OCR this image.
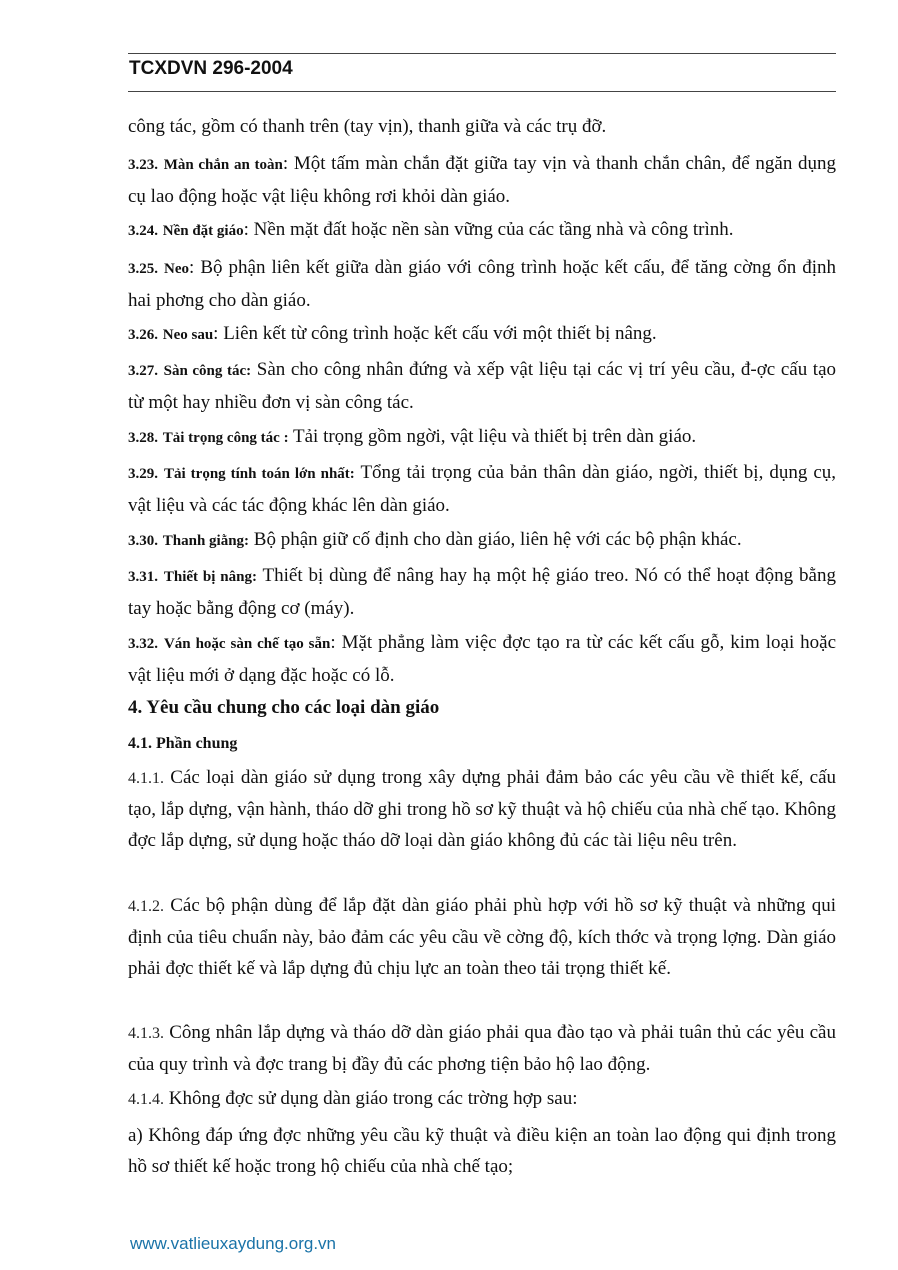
TCXDVN 296-2004

công tác, gồm có thanh trên (tay vịn), thanh giữa và các trụ đỡ.

3.23. Màn chắn an toàn: Một tấm màn chắn đặt giữa tay vịn và thanh chắn chân, để ngăn dụng cụ lao động hoặc vật liệu không rơi khỏi dàn giáo.

3.24. Nền đặt giáo: Nền mặt đất hoặc nền sàn vững của các tầng nhà và công trình.

3.25. Neo: Bộ phận liên kết giữa dàn giáo với công trình hoặc kết cấu, để tăng cờng ổn định hai phơng cho dàn giáo.

3.26. Neo sau: Liên kết từ công trình hoặc kết cấu với một thiết bị nâng.

3.27. Sàn công tác: Sàn cho công nhân đứng và xếp vật liệu tại các vị trí yêu cầu, đ-ợc cấu tạo từ một hay nhiều đơn vị sàn công tác.

3.28. Tải trọng công tác : Tải trọng gồm ngời, vật liệu và thiết bị trên dàn giáo.

3.29. Tải trọng tính toán lớn nhất: Tổng tải trọng của bản thân dàn giáo, ngời, thiết bị, dụng cụ, vật liệu và các tác động khác lên dàn giáo.

3.30. Thanh giằng: Bộ phận giữ cố định cho dàn giáo, liên hệ với các bộ phận khác.

3.31. Thiết bị nâng: Thiết bị dùng để nâng hay hạ một hệ giáo treo. Nó có thể hoạt động bằng tay hoặc bằng động cơ (máy).

3.32. Ván hoặc sàn chế tạo sẵn: Mặt phẳng làm việc đợc tạo ra từ các kết cấu gỗ, kim loại hoặc vật liệu mới ở dạng đặc hoặc có lỗ.

4. Yêu cầu chung cho các loại dàn giáo
4.1. Phần chung

4.1.1. Các loại dàn giáo sử dụng trong xây dựng phải đảm bảo các yêu cầu về thiết kế, cấu tạo, lắp dựng, vận hành, tháo dỡ ghi trong hồ sơ kỹ thuật và hộ chiếu của nhà chế tạo. Không đợc lắp dựng, sử dụng hoặc tháo dỡ loại dàn giáo không đủ các tài liệu nêu trên.

4.1.2. Các bộ phận dùng để lắp đặt dàn giáo phải phù hợp với hồ sơ kỹ thuật và những qui định của tiêu chuẩn này, bảo đảm các yêu cầu về cờng độ, kích thớc và trọng lợng. Dàn giáo phải đợc thiết kế và lắp dựng đủ chịu lực an toàn theo tải trọng thiết kế.

4.1.3. Công nhân lắp dựng và tháo dỡ dàn giáo phải qua đào tạo và phải tuân thủ các yêu cầu của quy trình và đợc trang bị đầy đủ các phơng tiện bảo hộ lao động.

4.1.4. Không đợc sử dụng dàn giáo trong các trờng hợp sau:

a) Không đáp ứng đợc những yêu cầu kỹ thuật và điều kiện an toàn lao động qui định trong hồ sơ thiết kế hoặc trong hộ chiếu của nhà chế tạo;

www.vatlieuxaydung.org.vn
